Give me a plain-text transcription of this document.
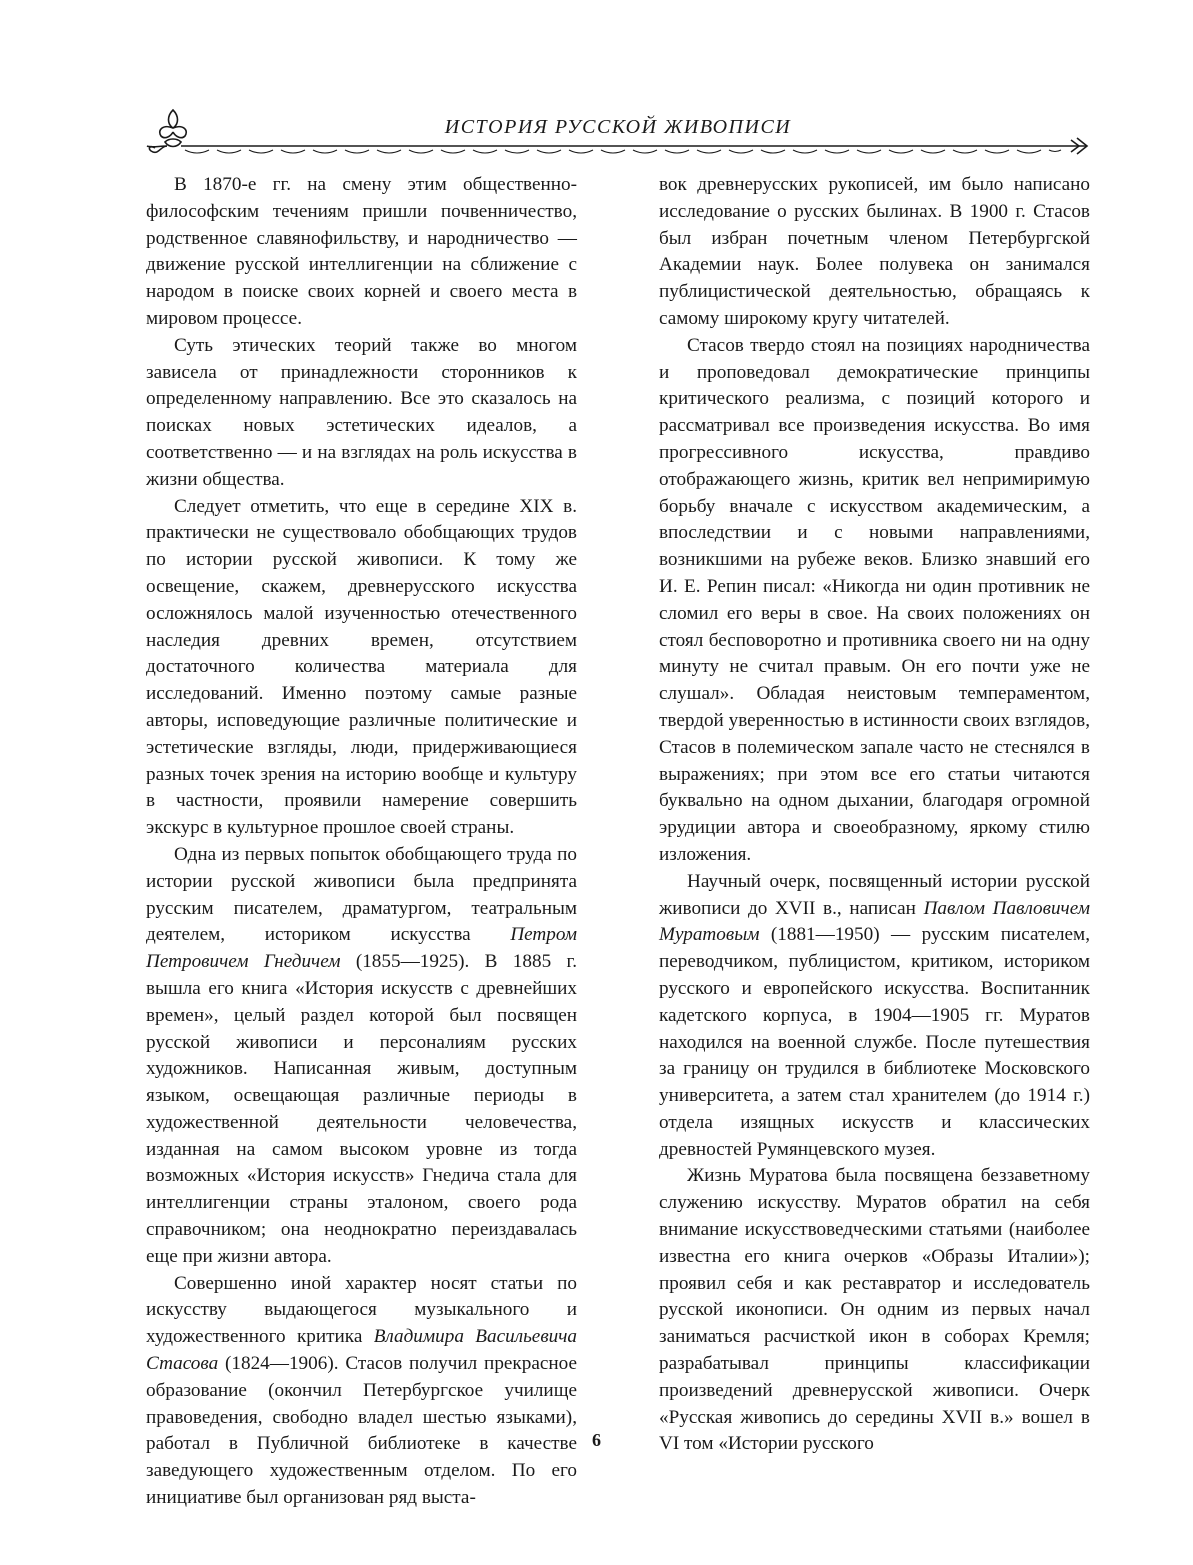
ИСТОРИЯ РУССКОЙ ЖИВОПИСИ

В 1870-е гг. на смену этим общественно-философским течениям пришли почвенничество, родственное славянофильству, и народничество — движение русской интеллигенции на сближение с народом в поиске своих корней и своего места в мировом процессе.

Суть этических теорий также во многом зависела от принадлежности сторонников к определенному направлению. Все это сказалось на поисках новых эстетических идеалов, а соответственно — и на взглядах на роль искусства в жизни общества.

Следует отметить, что еще в середине XIX в. практически не существовало обобщающих трудов по истории русской живописи. К тому же освещение, скажем, древнерусского искусства осложнялось малой изученностью отечественного наследия древних времен, отсутствием достаточного количества материала для исследований. Именно поэтому самые разные авторы, исповедующие различные политические и эстетические взгляды, люди, придерживающиеся разных точек зрения на историю вообще и культуру в частности, проявили намерение совершить экскурс в культурное прошлое своей страны.

Одна из первых попыток обобщающего труда по истории русской живописи была предпринята русским писателем, драматургом, театральным деятелем, историком искусства Петром Петровичем Гнедичем (1855—1925). В 1885 г. вышла его книга «История искусств с древнейших времен», целый раздел которой был посвящен русской живописи и персоналиям русских художников. Написанная живым, доступным языком, освещающая различные периоды в художественной деятельности человечества, изданная на самом высоком уровне из тогда возможных «История искусств» Гнедича стала для интеллигенции страны эталоном, своего рода справочником; она неоднократно переиздавалась еще при жизни автора.

Совершенно иной характер носят статьи по искусству выдающегося музыкального и художественного критика Владимира Васильевича Стасова (1824—1906). Стасов получил прекрасное образование (окончил Петербургское училище правоведения, свободно владел шестью языками), работал в Публичной библиотеке в качестве заведующего художественным отделом. По его инициативе был организован ряд выста-

вок древнерусских рукописей, им было написано исследование о русских былинах. В 1900 г. Стасов был избран почетным членом Петербургской Академии наук. Более полувека он занимался публицистической деятельностью, обращаясь к самому широкому кругу читателей.

Стасов твердо стоял на позициях народничества и проповедовал демократические принципы критического реализма, с позиций которого и рассматривал все произведения искусства. Во имя прогрессивного искусства, правдиво отображающего жизнь, критик вел непримиримую борьбу вначале с искусством академическим, а впоследствии и с новыми направлениями, возникшими на рубеже веков. Близко знавший его И. Е. Репин писал: «Никогда ни один противник не сломил его веры в свое. На своих положениях он стоял бесповоротно и противника своего ни на одну минуту не считал правым. Он его почти уже не слушал». Обладая неистовым темпераментом, твердой уверенностью в истинности своих взглядов, Стасов в полемическом запале часто не стеснялся в выражениях; при этом все его статьи читаются буквально на одном дыхании, благодаря огромной эрудиции автора и своеобразному, яркому стилю изложения.

Научный очерк, посвященный истории русской живописи до XVII в., написан Павлом Павловичем Муратовым (1881—1950) — русским писателем, переводчиком, публицистом, критиком, историком русского и европейского искусства. Воспитанник кадетского корпуса, в 1904—1905 гг. Муратов находился на военной службе. После путешествия за границу он трудился в библиотеке Московского университета, а затем стал хранителем (до 1914 г.) отдела изящных искусств и классических древностей Румянцевского музея.

Жизнь Муратова была посвящена беззаветному служению искусству. Муратов обратил на себя внимание искусствоведческими статьями (наиболее известна его книга очерков «Образы Италии»); проявил себя и как реставратор и исследователь русской иконописи. Он одним из первых начал заниматься расчисткой икон в соборах Кремля; разрабатывал принципы классификации произведений древнерусской живописи. Очерк «Русская живопись до середины XVII в.» вошел в VI том «Истории русского

6
